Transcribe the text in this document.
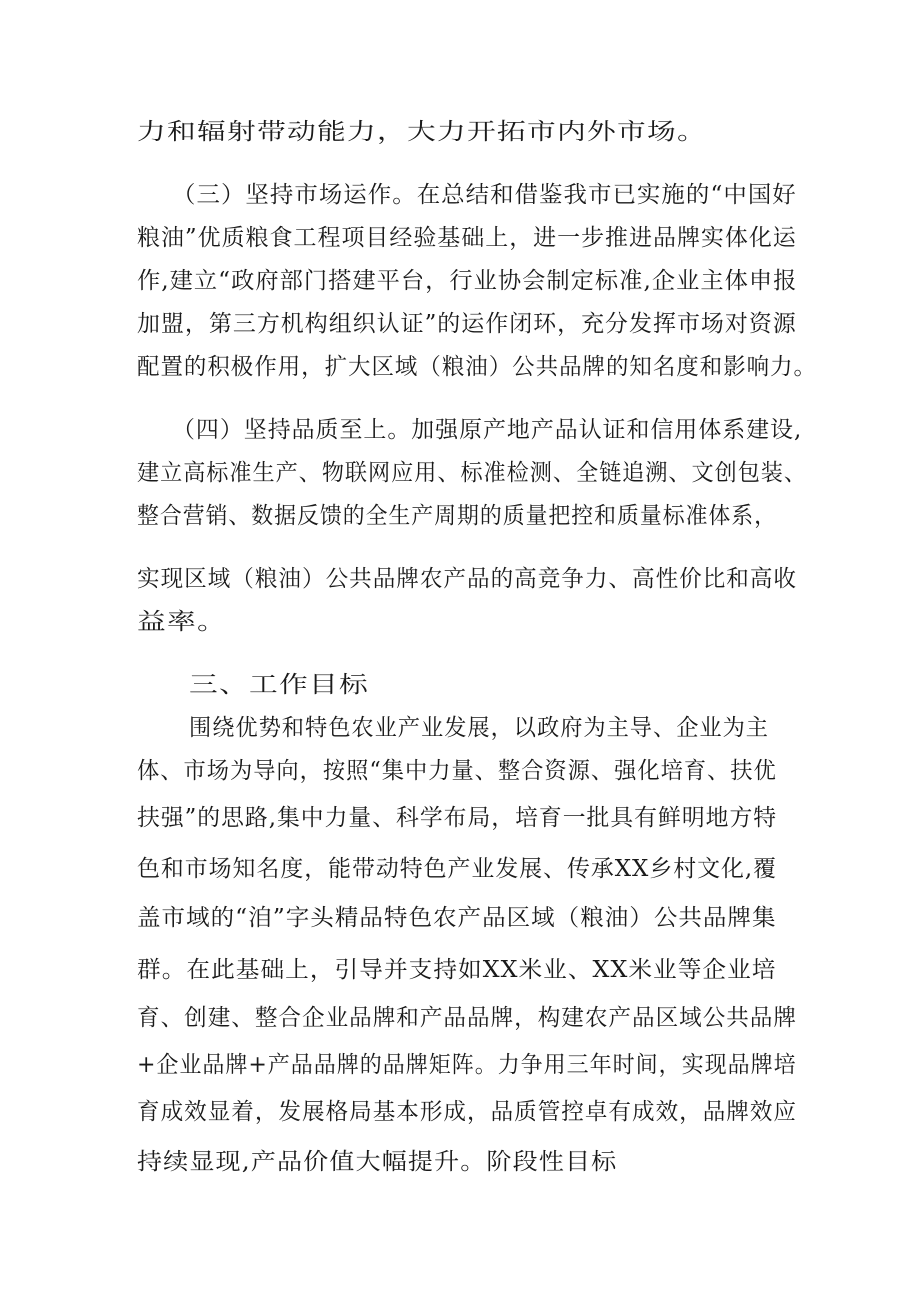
力和辐射带动能力，大力开拓市内外市场。
（三）坚持市场运作。在总结和借鉴我市已实施的“中国好
粮油”优质粮食工程项目经验基础上，进一步推进品牌实体化运
作,建立“政府部门搭建平台，行业协会制定标准,企业主体申报
加盟，第三方机构组织认证”的运作闭环，充分发挥市场对资源
配置的积极作用，扩大区域（粮油）公共品牌的知名度和影响力。
（四）坚持品质至上。加强原产地产品认证和信用体系建设,
建立高标准生产、物联网应用、标准检测、全链追溯、文创包装、
整合营销、数据反馈的全生产周期的质量把控和质量标准体系，
实现区域（粮油）公共品牌农产品的高竞争力、高性价比和高收
益率。
三、工作目标
围绕优势和特色农业产业发展，以政府为主导、企业为主
体、市场为导向，按照“集中力量、整合资源、强化培育、扶优
扶强”的思路,集中力量、科学布局，培育一批具有鲜明地方特
色和市场知名度，能带动特色产业发展、传承XX乡村文化,覆
盖市域的“洎”字头精品特色农产品区域（粮油）公共品牌集
群。在此基础上，引导并支持如XX米业、XX米业等企业培
育、创建、整合企业品牌和产品品牌，构建农产品区域公共品牌
+企业品牌+产品品牌的品牌矩阵。力争用三年时间，实现品牌培
育成效显着，发展格局基本形成，品质管控卓有成效，品牌效应
持续显现,产品价值大幅提升。阶段性目标
